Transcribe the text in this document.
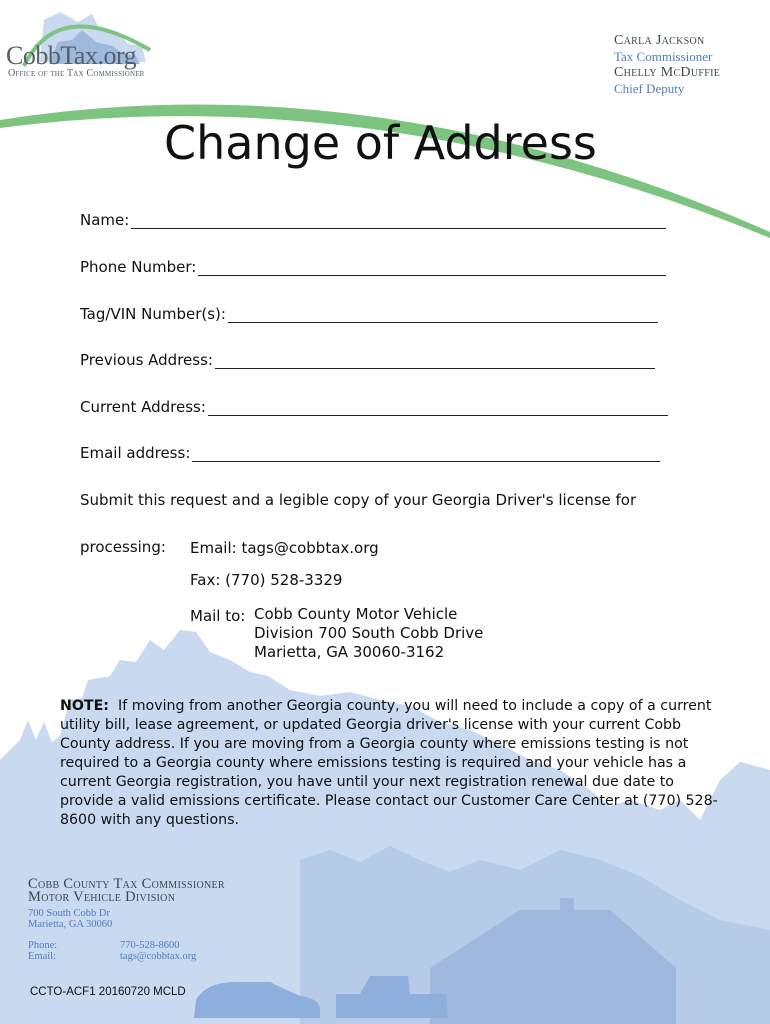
CobbTax.org
Office of the Tax Commissioner
Carla Jackson
Tax Commissioner
Chelly McDuffie
Chief Deputy
Change of Address
Name:
Phone Number:
Tag/VIN Number(s):
Previous Address:
Current Address:
Email address:
Submit this request and a legible copy of your Georgia Driver's license for
processing: Email: tags@cobbtax.org
Fax: (770) 528-3329
Mail to: Cobb County Motor Vehicle
Division 700 South Cobb Drive
Marietta, GA 30060-3162
NOTE: If moving from another Georgia county, you will need to include a copy of a current utility bill, lease agreement, or updated Georgia driver's license with your current Cobb County address. If you are moving from a Georgia county where emissions testing is not required to a Georgia county where emissions testing is required and your vehicle has a current Georgia registration, you have until your next registration renewal due date to provide a valid emissions certificate. Please contact our Customer Care Center at (770) 528-8600 with any questions.
Cobb County Tax Commissioner
Motor Vehicle Division
700 South Cobb Dr
Marietta, GA 30060
Phone:	770-528-8600
Email:	tags@cobbtax.org
CCTO-ACF1 20160720 MCLD
